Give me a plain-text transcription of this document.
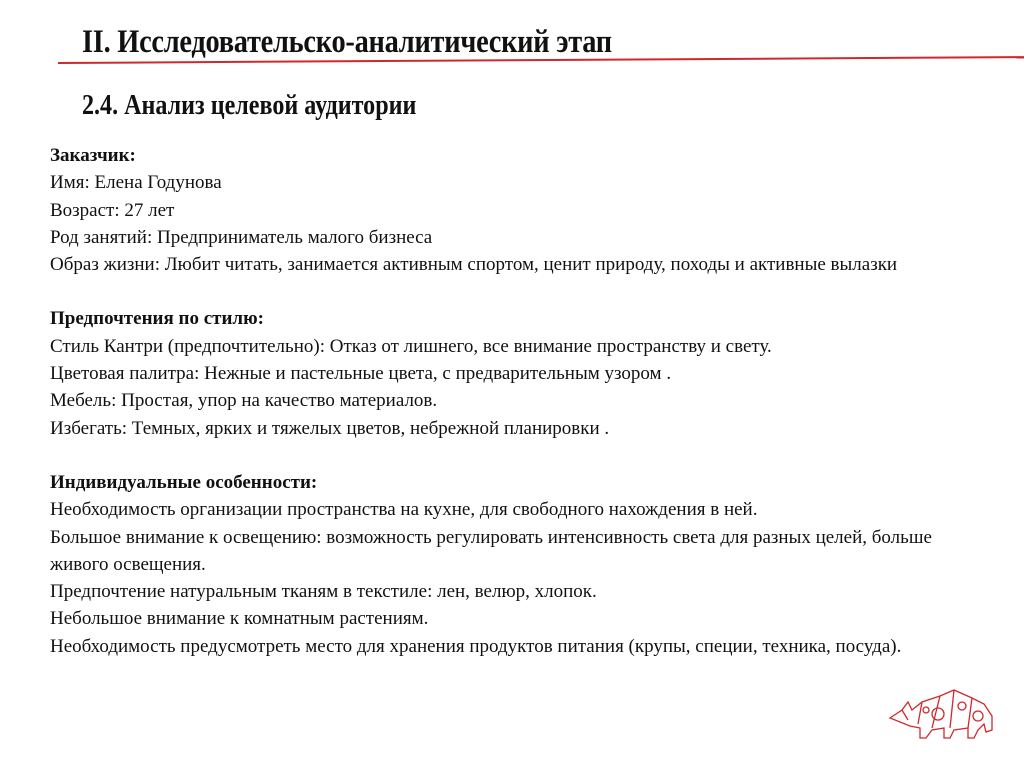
II. Исследовательско-аналитический этап
2.4. Анализ целевой аудитории

Заказчик:

Имя: Елена Годунова

Возраст: 27 лет

Род занятий: Предприниматель малого бизнеса

Образ жизни: Любит читать, занимается активным спортом, ценит природу, походы и активные вылазки

Предпочтения по стилю:

Стиль Кантри (предпочтительно): Отказ от лишнего, все внимание пространству и свету.

Цветовая палитра: Нежные и пастельные цвета, с предварительным узором .

Мебель: Простая, упор на качество материалов.

Избегать: Темных, ярких и тяжелых цветов, небрежной планировки .

Индивидуальные особенности:

Необходимость организации пространства на кухне, для свободного нахождения в ней.

Большое внимание к освещению: возможность регулировать интенсивность света для разных целей, больше живого освещения.

Предпочтение натуральным тканям в текстиле: лен, велюр, хлопок.

Небольшое внимание к комнатным растениям.

Необходимость предусмотреть место для хранения продуктов питания (крупы, специи, техника, посуда).
